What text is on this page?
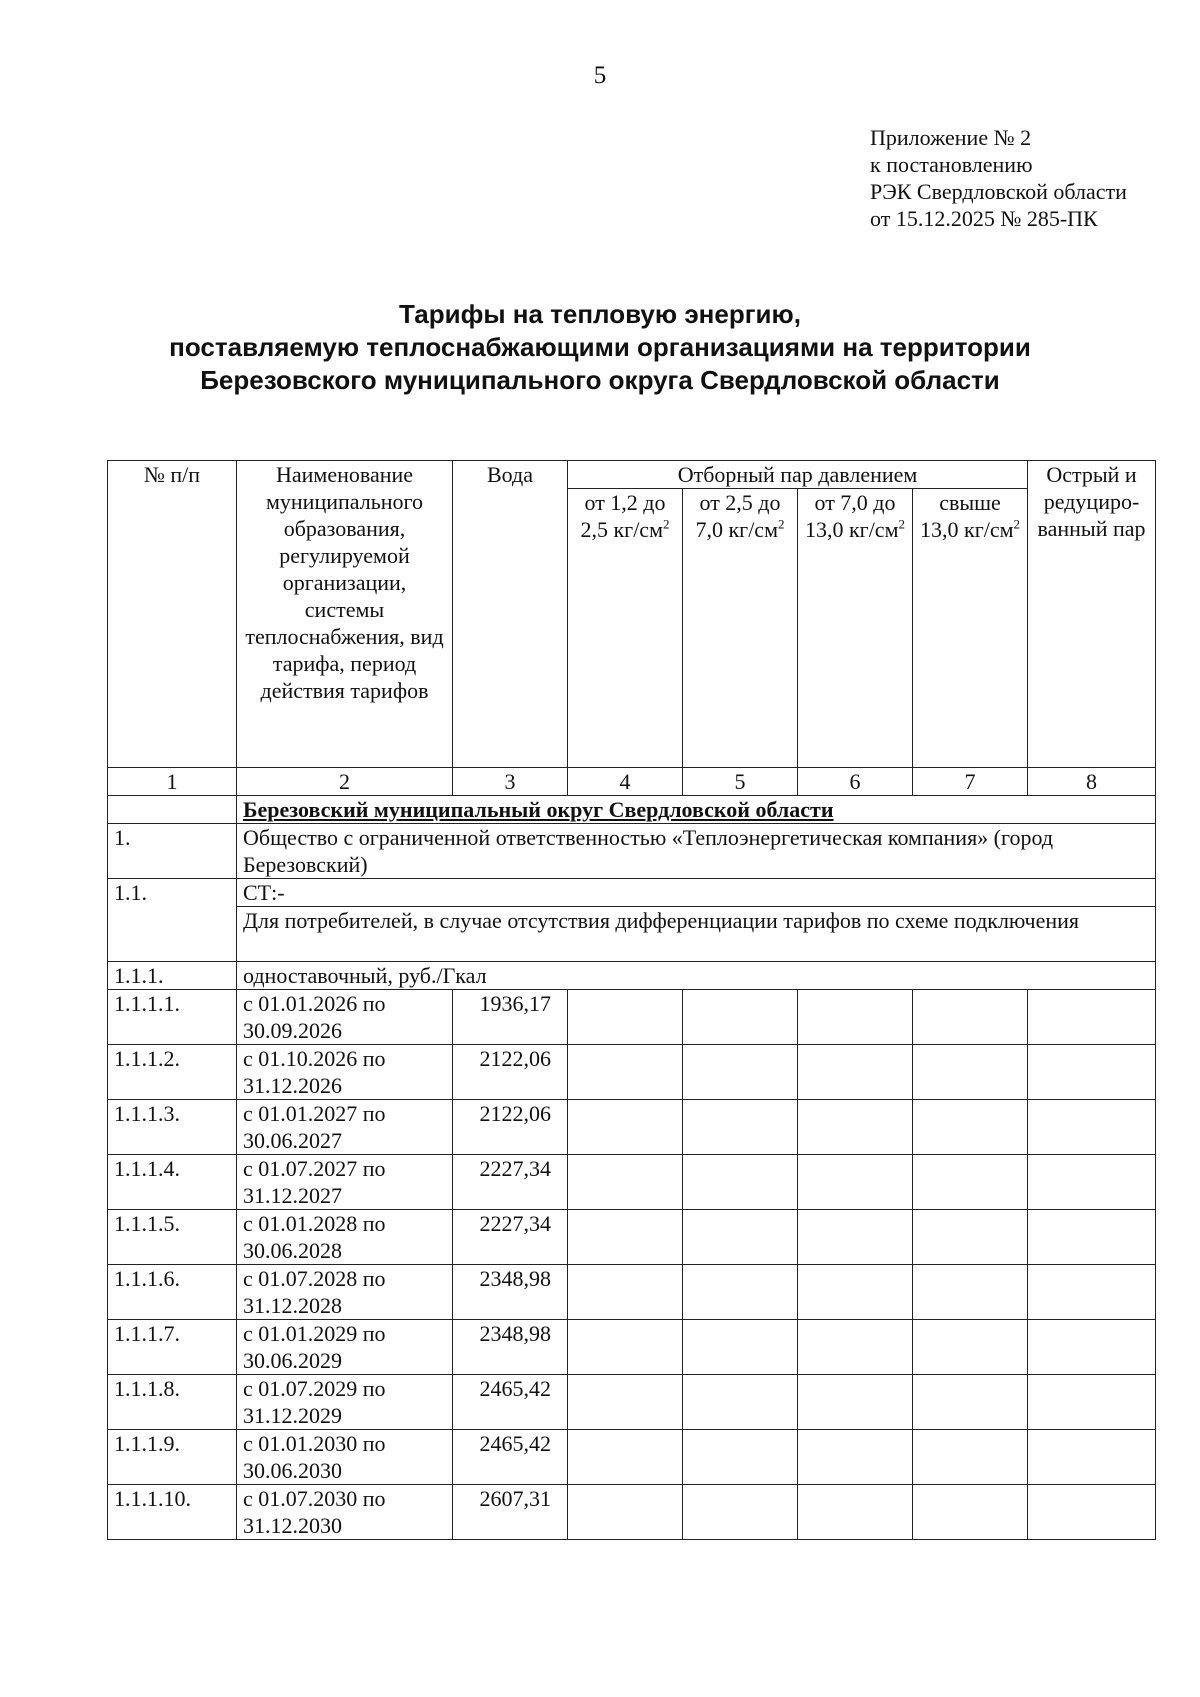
5
Приложение № 2
к постановлению
РЭК Свердловской области
от 15.12.2025 № 285-ПК
Тарифы на тепловую энергию,
поставляемую теплоснабжающими организациями на территории
Березовского муниципального округа Свердловской области
№ п/п	Наименование муниципального образования, регулируемой организации, системы теплоснабжения, вид тарифа, период действия тарифов	Вода	Отборный пар давлением				Острый и редуциро-ванный пар
			от 1,2 до 2,5 $кг/см^2$	от 2,5 до 7,0 $кг/см^2$	от 7,0 до 13,0 $кг/см^2$	свыше 13,0 $кг/см^2$
1	2	3	4	5	6	7	8
	Березовский муниципальный округ Свердловской области						
1.	Общество с ограниченной ответственностью «Теплоэнергетическая компания» (город Березовский)						
1.1.	СТ:-						
	Для потребителей, в случае отсутствия дифференциации тарифов по схеме подключения						
1.1.1.	одноставочный, руб./Гкал						
1.1.1.1.	с 01.01.2026 по 30.09.2026	1936,17					
1.1.1.2.	с 01.10.2026 по 31.12.2026	2122,06					
1.1.1.3.	с 01.01.2027 по 30.06.2027	2122,06					
1.1.1.4.	с 01.07.2027 по 31.12.2027	2227,34					
1.1.1.5.	с 01.01.2028 по 30.06.2028	2227,34					
1.1.1.6.	с 01.07.2028 по 31.12.2028	2348,98					
1.1.1.7.	с 01.01.2029 по 30.06.2029	2348,98					
1.1.1.8.	с 01.07.2029 по 31.12.2029	2465,42					
1.1.1.9.	с 01.01.2030 по 30.06.2030	2465,42					
1.1.1.10.	с 01.07.2030 по 31.12.2030	2607,31					
